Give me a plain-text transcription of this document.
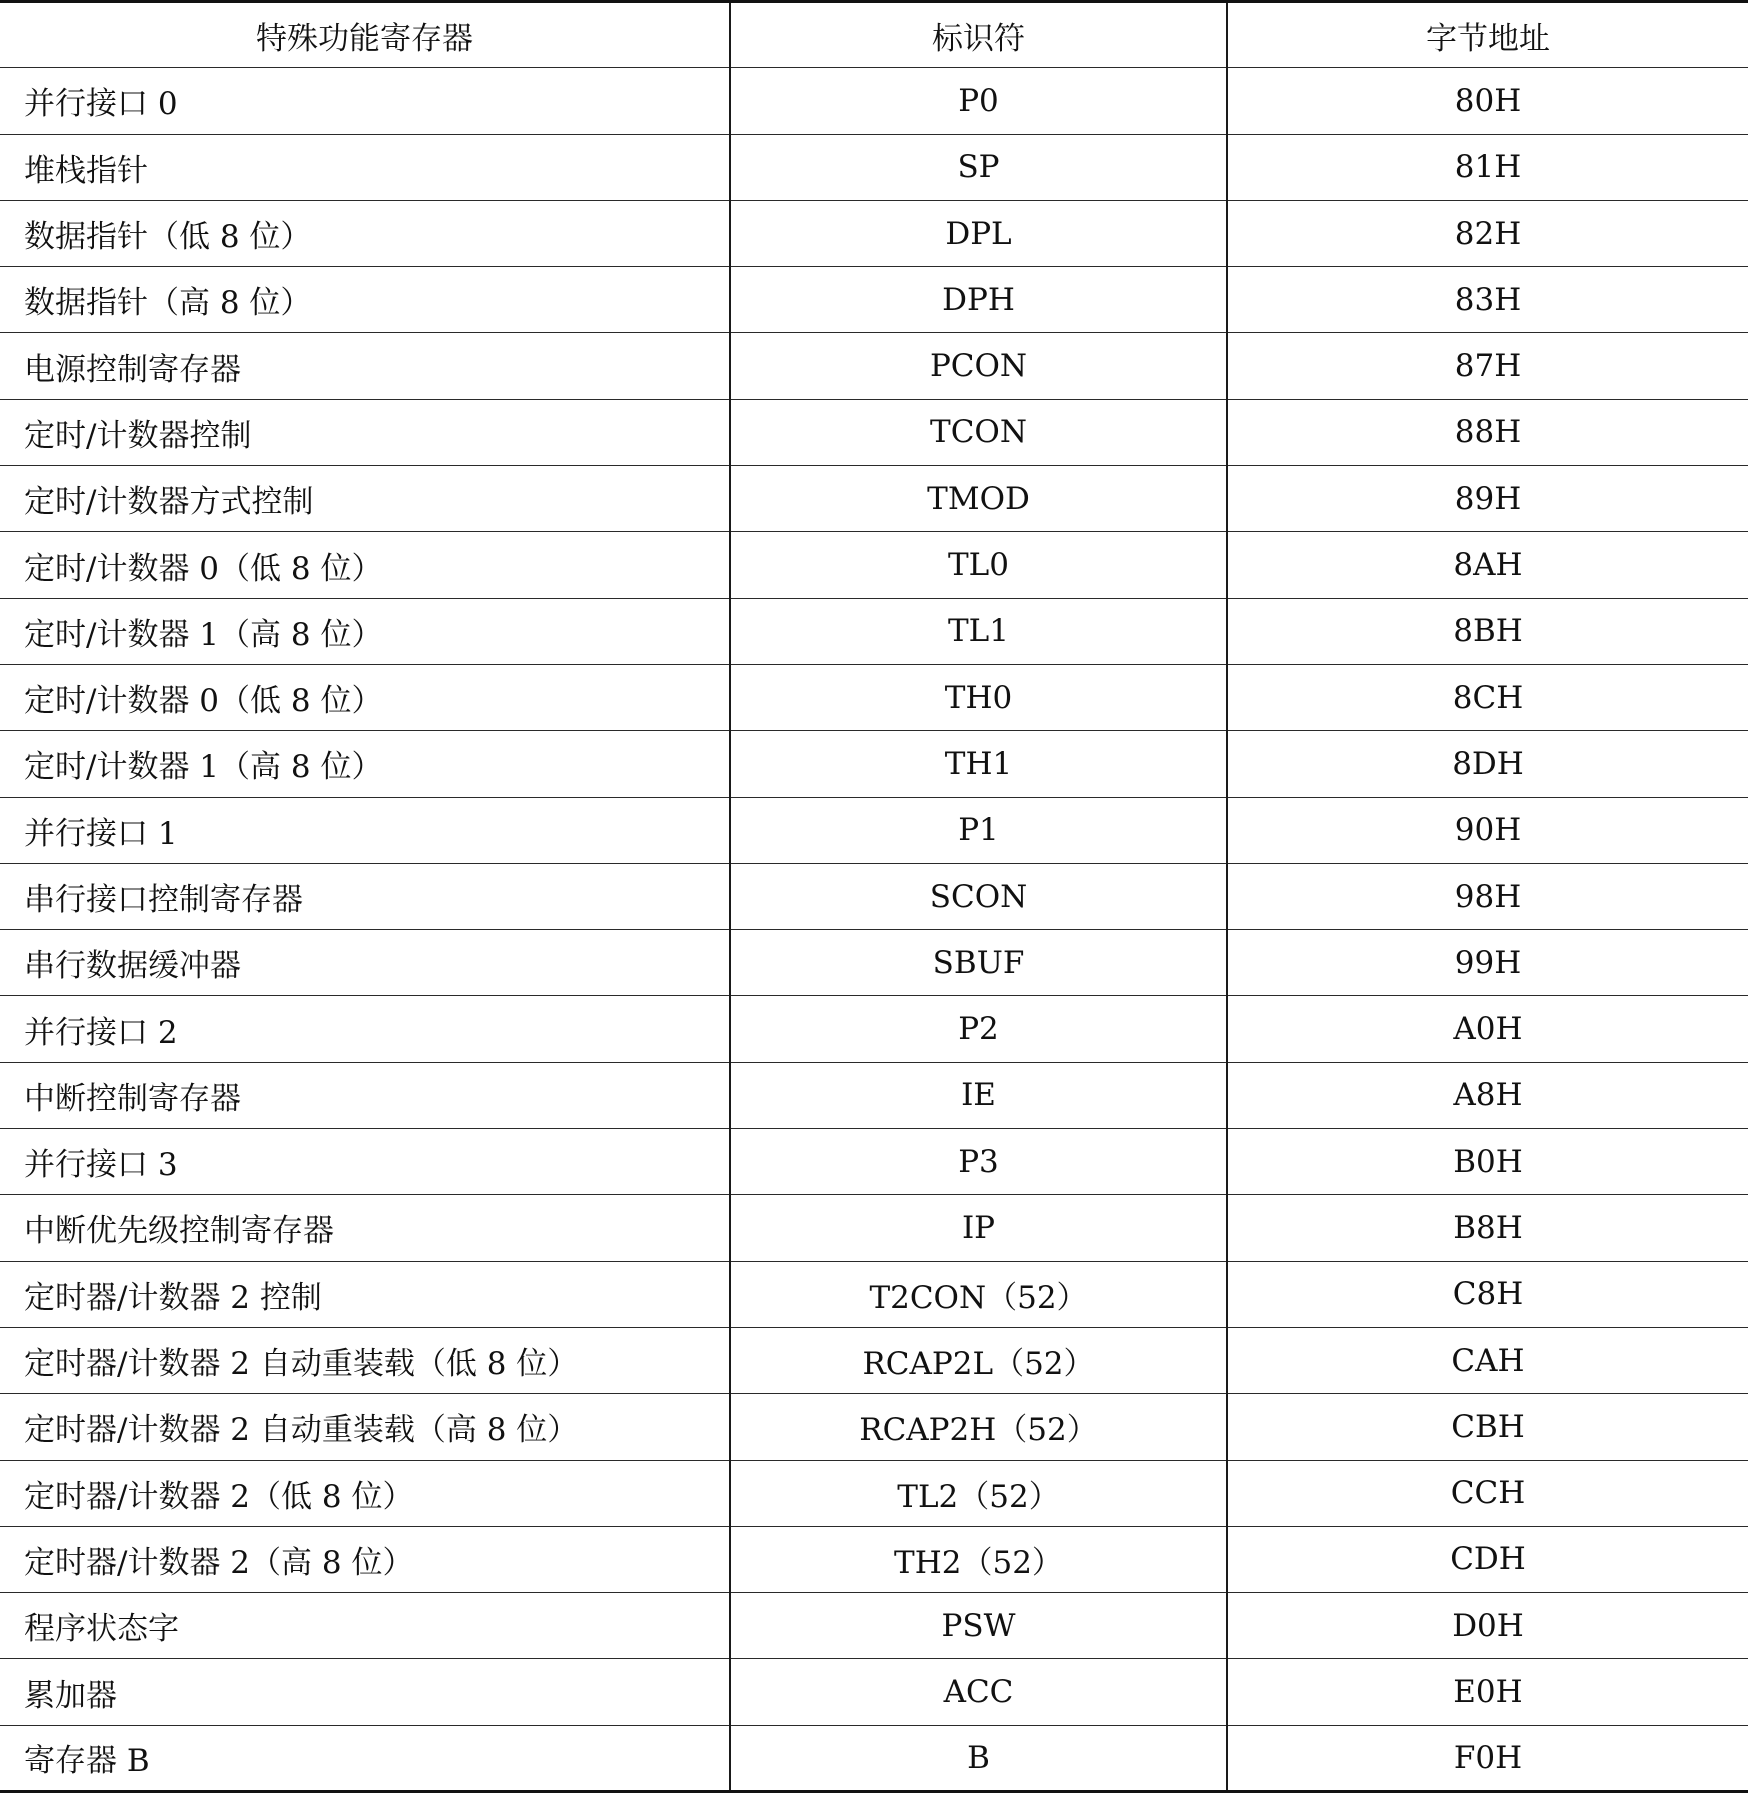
特殊功能寄存器	标识符	字节地址
并行接口 0	P0	80H
堆栈指针	SP	81H
数据指针（低 8 位）	DPL	82H
数据指针（高 8 位）	DPH	83H
电源控制寄存器	PCON	87H
定时/计数器控制	TCON	88H
定时/计数器方式控制	TMOD	89H
定时/计数器 0（低 8 位）	TL0	8AH
定时/计数器 1（高 8 位）	TL1	8BH
定时/计数器 0（低 8 位）	TH0	8CH
定时/计数器 1（高 8 位）	TH1	8DH
并行接口 1	P1	90H
串行接口控制寄存器	SCON	98H
串行数据缓冲器	SBUF	99H
并行接口 2	P2	A0H
中断控制寄存器	IE	A8H
并行接口 3	P3	B0H
中断优先级控制寄存器	IP	B8H
定时器/计数器 2 控制	T2CON（52）	C8H
定时器/计数器 2 自动重装载（低 8 位）	RCAP2L（52）	CAH
定时器/计数器 2 自动重装载（高 8 位）	RCAP2H（52）	CBH
定时器/计数器 2（低 8 位）	TL2（52）	CCH
定时器/计数器 2（高 8 位）	TH2（52）	CDH
程序状态字	PSW	D0H
累加器	ACC	E0H
寄存器 B	B	F0H
